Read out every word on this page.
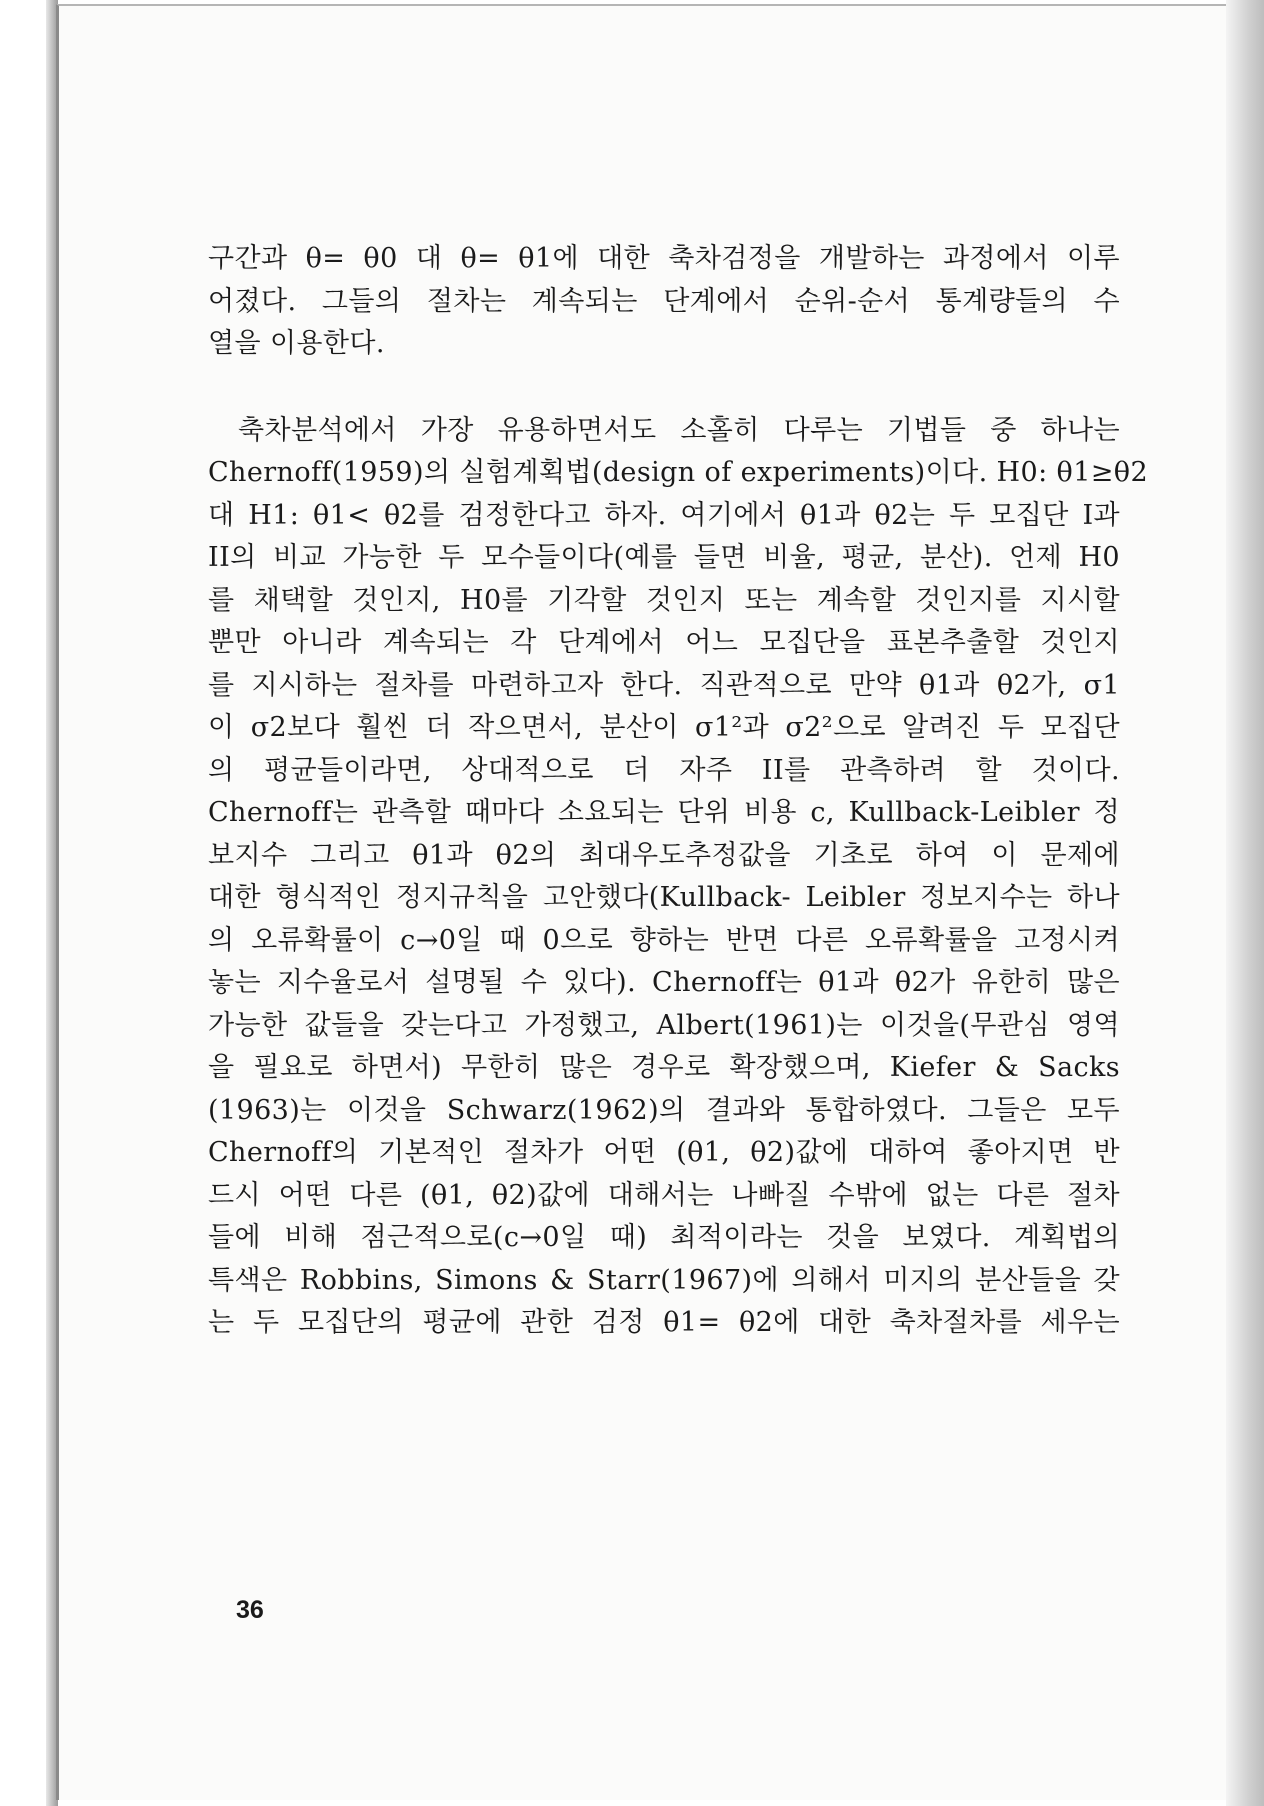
구간과 θ= θ0 대 θ= θ1에 대한 축차검정을 개발하는 과정에서 이루
어졌다. 그들의 절차는 계속되는 단계에서 순위-순서 통계량들의 수
열을 이용한다.

축차분석에서 가장 유용하면서도 소홀히 다루는 기법들 중 하나는
Chernoff(1959)의 실험계획법(design of experiments)이다. H0: θ1≥θ2
대 H1: θ1< θ2를 검정한다고 하자. 여기에서 θ1과 θ2는 두 모집단 I과
II의 비교 가능한 두 모수들이다(예를 들면 비율, 평균, 분산). 언제 H0
를 채택할 것인지, H0를 기각할 것인지 또는 계속할 것인지를 지시할
뿐만 아니라 계속되는 각 단계에서 어느 모집단을 표본추출할 것인지
를 지시하는 절차를 마련하고자 한다. 직관적으로 만약 θ1과 θ2가, σ1
이 σ2보다 훨씬 더 작으면서, 분산이 σ1²과 σ2²으로 알려진 두 모집단
의 평균들이라면, 상대적으로 더 자주 II를 관측하려 할 것이다.
Chernoff는 관측할 때마다 소요되는 단위 비용 c, Kullback-Leibler 정
보지수 그리고 θ1과 θ2의 최대우도추정값을 기초로 하여 이 문제에
대한 형식적인 정지규칙을 고안했다(Kullback- Leibler 정보지수는 하나
의 오류확률이 c→0일 때 0으로 향하는 반면 다른 오류확률을 고정시켜
놓는 지수율로서 설명될 수 있다). Chernoff는 θ1과 θ2가 유한히 많은
가능한 값들을 갖는다고 가정했고, Albert(1961)는 이것을(무관심 영역
을 필요로 하면서) 무한히 많은 경우로 확장했으며, Kiefer & Sacks
(1963)는 이것을 Schwarz(1962)의 결과와 통합하였다. 그들은 모두
Chernoff의 기본적인 절차가 어떤 (θ1, θ2)값에 대하여 좋아지면 반
드시 어떤 다른 (θ1, θ2)값에 대해서는 나빠질 수밖에 없는 다른 절차
들에 비해 점근적으로(c→0일 때) 최적이라는 것을 보였다. 계획법의
특색은 Robbins, Simons & Starr(1967)에 의해서 미지의 분산들을 갖
는 두 모집단의 평균에 관한 검정 θ1= θ2에 대한 축차절차를 세우는

36
